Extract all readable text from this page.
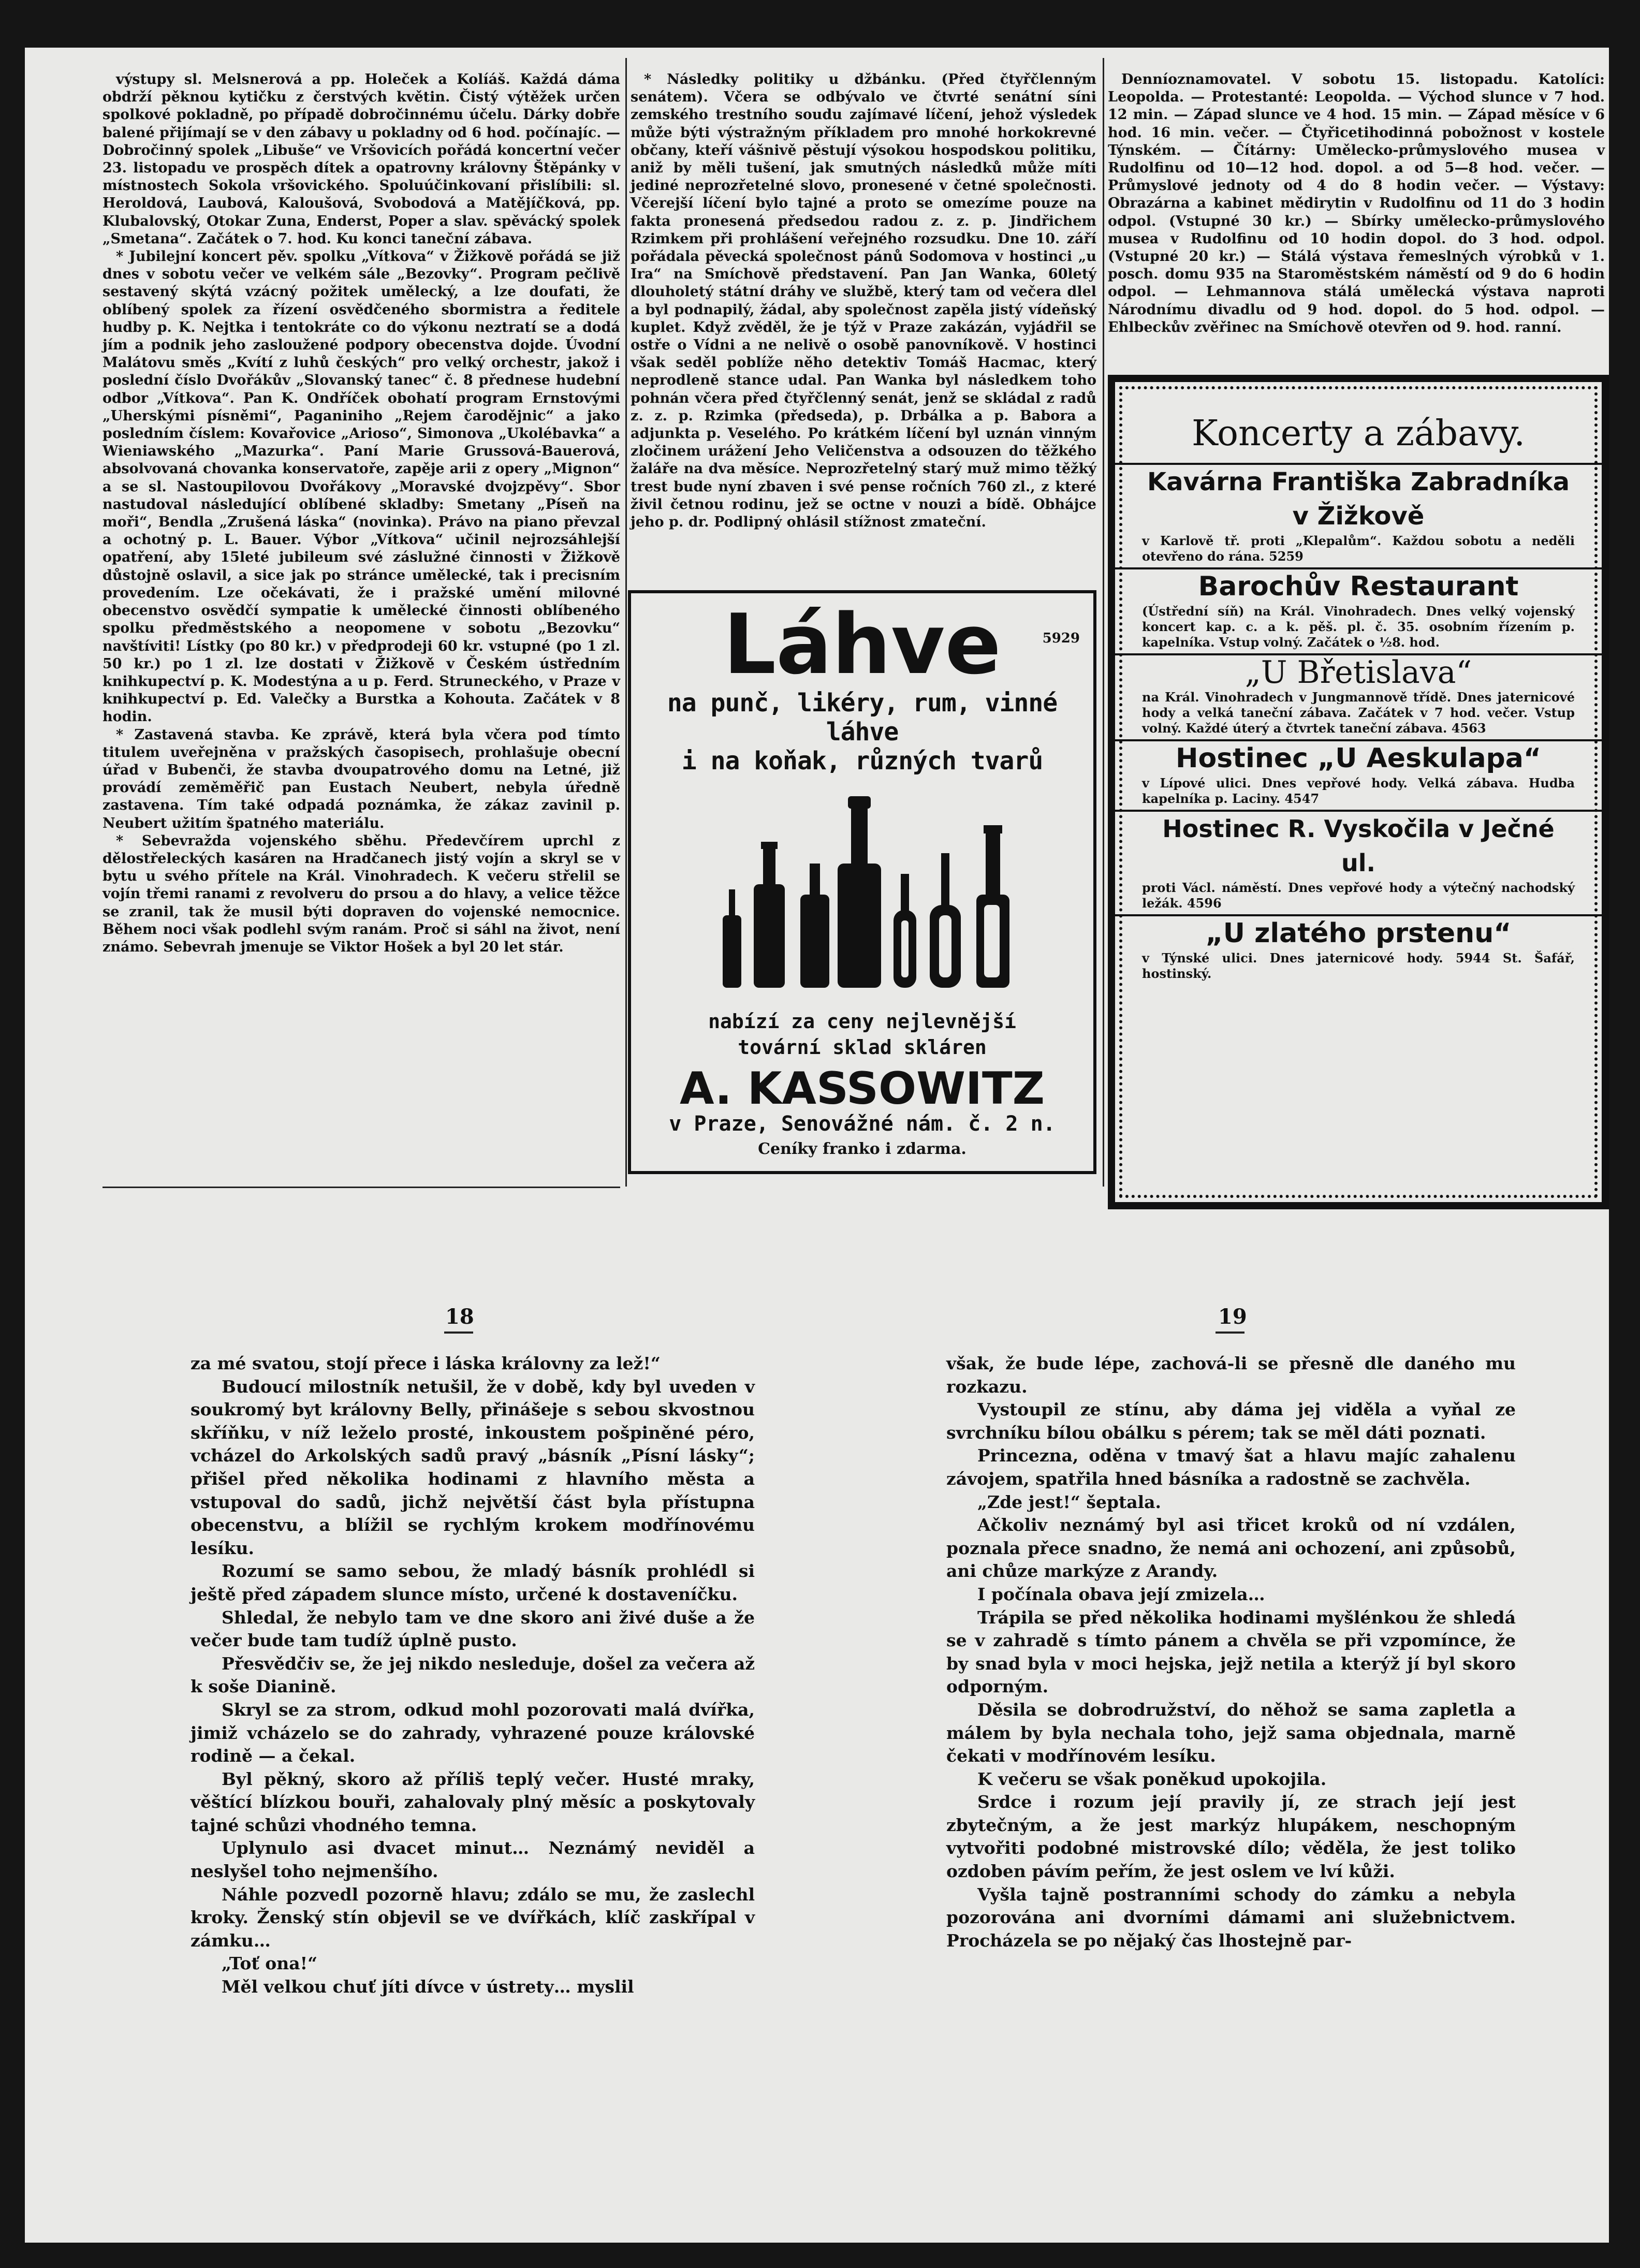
výstupy sl. Melsnerová a pp. Holeček a Kolíáš. Každá dáma obdrží pěknou kytičku z čerstvých květin. Čistý výtěžek určen spolkové pokladně, po případě dobročinnému účelu. Dárky dobře balené přijímají se v den zábavy u pokladny od 6 hod. počínajíc. — Dobročinný spolek „Libuše“ ve Vršovicích pořádá koncertní večer 23. listopadu ve prospěch dítek a opatrovny královny Štěpánky v místnostech Sokola vršovického. Spoluúčinkovaní přislíbili: sl. Heroldová, Laubová, Kaloušová, Svobodová a Matějíčková, pp. Klubalovský, Otokar Zuna, Enderst, Poper a slav. spěvácký spolek „Smetana“. Začátek o 7. hod. Ku konci taneční zábava.

* Jubilejní koncert pěv. spolku „Vítkova“ v Žižkově pořádá se již dnes v sobotu večer ve velkém sále „Bezovky“. Program pečlivě sestavený skýtá vzácný požitek umělecký, a lze doufati, že oblíbený spolek za řízení osvědčeného sbormistra a ředitele hudby p. K. Nejtka i tentokráte co do výkonu neztratí se a dodá jím a podnik jeho zasloužené podpory obecenstva dojde. Úvodní Malátovu směs „Kvítí z luhů českých“ pro velký orchestr, jakož i poslední číslo Dvořákův „Slovanský tanec“ č. 8 přednese hudební odbor „Vítkova“. Pan K. Ondříček obohatí program Ernstovými „Uherskými písněmi“, Paganiniho „Rejem čarodějnic“ a jako posledním číslem: Kovařovice „Arioso“, Simonova „Ukolébavka“ a Wieniawského „Mazurka“. Paní Marie Grussová-Bauerová, absolvovaná chovanka konservatoře, zapěje arii z opery „Mignon“ a se sl. Nastoupilovou Dvořákovy „Moravské dvojzpěvy“. Sbor nastudoval následující oblíbené skladby: Smetany „Píseň na moři“, Bendla „Zrušená láska“ (novinka). Právo na piano převzal a ochotný p. L. Bauer. Výbor „Vítkova“ učinil nejrozsáhlejší opatření, aby 15leté jubileum své záslužné činnosti v Žižkově důstojně oslavil, a sice jak po stránce umělecké, tak i precisním provedením. Lze očekávati, že i pražské umění milovné obecenstvo osvědčí sympatie k umělecké činnosti oblíbeného spolku předměstského a neopomene v sobotu „Bezovku“ navštíviti! Lístky (po 80 kr.) v předprodeji 60 kr. vstupné (po 1 zl. 50 kr.) po 1 zl. lze dostati v Žižkově v Českém ústředním knihkupectví p. K. Modestýna a u p. Ferd. Struneckého, v Praze v knihkupectví p. Ed. Valečky a Burstka a Kohouta. Začátek v 8 hodin.

* Zastavená stavba. Ke zprávě, která byla včera pod tímto titulem uveřejněna v pražských časopisech, prohlašuje obecní úřad v Bubenči, že stavba dvoupatrového domu na Letné, již provádí zeměměřič pan Eustach Neubert, nebyla úředně zastavena. Tím také odpadá poznámka, že zákaz zavinil p. Neubert užitím špatného materiálu.

* Sebevražda vojenského sběhu. Předevčírem uprchl z dělostřeleckých kasáren na Hradčanech jistý vojín a skryl se v bytu u svého přítele na Král. Vinohradech. K večeru střelil se vojín třemi ranami z revolveru do prsou a do hlavy, a velice těžce se zranil, tak že musil býti dopraven do vojenské nemocnice. Během noci však podlehl svým ranám. Proč si sáhl na život, není známo. Sebevrah jmenuje se Viktor Hošek a byl 20 let stár.

* Následky politiky u džbánku. (Před čtyřčlenným senátem). Včera se odbývalo ve čtvrté senátní síni zemského trestního soudu zajímavé líčení, jehož výsledek může býti výstražným příkladem pro mnohé horkokrevné občany, kteří vášnivě pěstují výsokou hospodskou politiku, aniž by měli tušení, jak smutných následků může míti jediné neprozřetelné slovo, pronesené v četné společnosti. Včerejší líčení bylo tajné a proto se omezíme pouze na fakta pronesená předsedou radou z. z. p. Jindřichem Rzimkem při prohlášení veřejného rozsudku. Dne 10. září pořádala pěvecká společnost pánů Sodomova v hostinci „u Ira“ na Smíchově představení. Pan Jan Wanka, 60letý dlouholetý státní dráhy ve službě, který tam od večera dlel a byl podnapilý, žádal, aby společnost zapěla jistý vídeňský kuplet. Když zvěděl, že je týž v Praze zakázán, vyjádřil se ostře o Vídni a ne nelivě o osobě panovníkově. V hostinci však seděl poblíže něho detektiv Tomáš Hacmac, který neprodleně stance udal. Pan Wanka byl následkem toho pohnán včera před čtyřčlenný senát, jenž se skládal z radů z. z. p. Rzimka (předseda), p. Drbálka a p. Babora a adjunkta p. Veselého. Po krátkém líčení byl uznán vinným zločinem urážení Jeho Veličenstva a odsouzen do těžkého žaláře na dva měsíce. Neprozřetelný starý muž mimo těžký trest bude nyní zbaven i své pense ročních 760 zl., z které živil četnou rodinu, jež se octne v nouzi a bídě. Obhájce jeho p. dr. Podlipný ohlásil stížnost zmateční.

Denníoznamovatel. V sobotu 15. listopadu. Katolíci: Leopolda. — Protestanté: Leopolda. — Východ slunce v 7 hod. 12 min. — Západ slunce ve 4 hod. 15 min. — Západ měsíce v 6 hod. 16 min. večer. — Čtyřicetihodinná pobožnost v kostele Týnském. — Čítárny: Umělecko-průmyslového musea v Rudolfinu od 10—12 hod. dopol. a od 5—8 hod. večer. — Průmyslové jednoty od 4 do 8 hodin večer. — Výstavy: Obrazárna a kabinet mědirytin v Rudolfinu od 11 do 3 hodin odpol. (Vstupné 30 kr.) — Sbírky umělecko-průmyslového musea v Rudolfinu od 10 hodin dopol. do 3 hod. odpol. (Vstupné 20 kr.) — Stálá výstava řemeslných výrobků v 1. posch. domu 935 na Staroměstském náměstí od 9 do 6 hodin odpol. — Lehmannova stálá umělecká výstava naproti Národnímu divadlu od 9 hod. dopol. do 5 hod. odpol. — Ehlbeckův zvěřinec na Smíchově otevřen od 9. hod. ranní.

Láhve	5929
na punč, likéry, rum, vinné láhve
i na koňak, různých tvarů
nabízí za ceny nejlevnější
tovární sklad skláren
A. KASSOWITZ
v Praze, Senovážné nám. č. 2 n.
Ceníky franko i zdarma.
Koncerty a zábavy.
Kavárna Františka Zabradníka v Žižkově
v Karlově tř. proti „Klepalům“. Každou sobotu a neděli otevřeno do rána. 5259
Barochův Restaurant
(Ústřední síň) na Král. Vinohradech. Dnes velký vojenský koncert kap. c. a k. pěš. pl. č. 35. osobním řízením p. kapelníka. Vstup volný. Začátek o ½8. hod.
„U Břetislava“
na Král. Vinohradech v Jungmannově třídě. Dnes jaternicové hody a velká taneční zábava. Začátek v 7 hod. večer. Vstup volný. Každé úterý a čtvrtek taneční zábava. 4563
Hostinec „U Aeskulapa“
v Lípové ulici. Dnes vepřové hody. Velká zábava. Hudba kapelníka p. Laciny. 4547
Hostinec R. Vyskočila v Ječné ul.
proti Václ. náměstí. Dnes vepřové hody a výtečný nachodský ležák. 4596
„U zlatého prstenu“
v Týnské ulici. Dnes jaternicové hody. 5944 St. Šafář, hostinský.
18	19

za mé svatou, stojí přece i láska královny za lež!“

Budoucí milostník netušil, že v době, kdy byl uveden v soukromý byt královny Belly, přinášeje s sebou skvostnou skříňku, v níž leželo prosté, inkoustem pošpiněné péro, vcházel do Arkolských sadů pravý „básník „Písní lásky“; přišel před několika hodinami z hlavního města a vstupoval do sadů, jichž největší část byla přístupna obecenstvu, a blížil se rychlým krokem modřínovému lesíku.

Rozumí se samo sebou, že mladý básník prohlédl si ještě před západem slunce místo, určené k dostaveníčku.

Shledal, že nebylo tam ve dne skoro ani živé duše a že večer bude tam tudíž úplně pusto.

Přesvědčiv se, že jej nikdo nesleduje, došel za večera až k soše Dianině.

Skryl se za strom, odkud mohl pozorovati malá dvířka, jimiž vcházelo se do zahrady, vyhrazené pouze královské rodině — a čekal.

Byl pěkný, skoro až příliš teplý večer. Husté mraky, věštící blízkou bouři, zahalovaly plný měsíc a poskytovaly tajné schůzi vhodného temna.

Uplynulo asi dvacet minut… Neznámý neviděl a neslyšel toho nejmenšího.

Náhle pozvedl pozorně hlavu; zdálo se mu, že zaslechl kroky. Ženský stín objevil se ve dvířkách, klíč zaskřípal v zámku…

„Toť ona!“

Měl velkou chuť jíti dívce v ústrety… myslil

však, že bude lépe, zachová-li se přesně dle daného mu rozkazu.

Vystoupil ze stínu, aby dáma jej viděla a vyňal ze svrchníku bílou obálku s pérem; tak se měl dáti poznati.

Princezna, oděna v tmavý šat a hlavu majíc zahalenu závojem, spatřila hned básníka a radostně se zachvěla.

„Zde jest!“ šeptala.

Ačkoliv neznámý byl asi třicet kroků od ní vzdálen, poznala přece snadno, že nemá ani ochození, ani způsobů, ani chůze markýze z Arandy.

I počínala obava její zmizela…

Trápila se před několika hodinami myšlénkou že shledá se v zahradě s tímto pánem a chvěla se při vzpomínce, že by snad byla v moci hejska, jejž netila a kterýž jí byl skoro odporným.

Děsila se dobrodružství, do něhož se sama zapletla a málem by byla nechala toho, jejž sama objednala, marně čekati v modřínovém lesíku.

K večeru se však poněkud upokojila.

Srdce i rozum její pravily jí, ze strach její jest zbytečným, a že jest markýz hlupákem, neschopným vytvořiti podobné mistrovské dílo; věděla, že jest toliko ozdoben pávím peřím, že jest oslem ve lví kůži.

Vyšla tajně postranními schody do zámku a nebyla pozorována ani dvorními dámami ani služebnictvem. Procházela se po nějaký čas lhostejně par-
